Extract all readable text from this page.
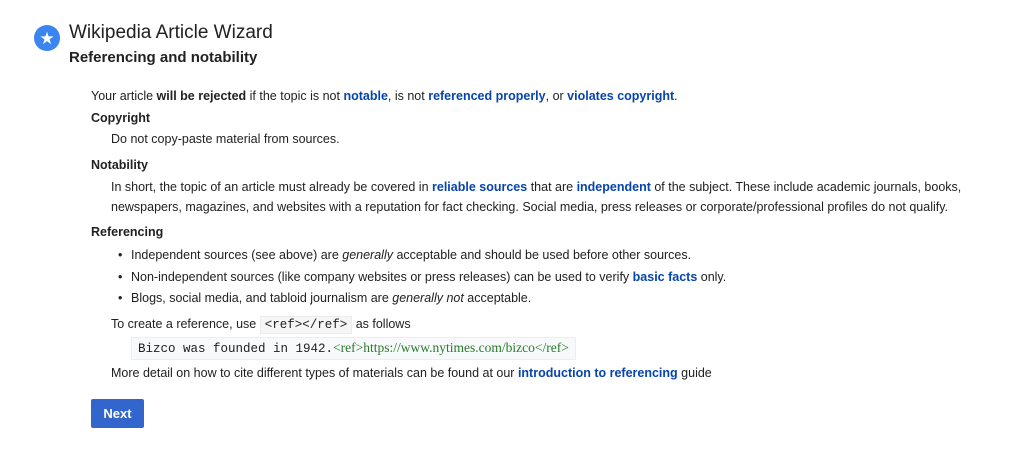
★ Wikipedia Article Wizard
Referencing and notability
Your article will be rejected if the topic is not notable, is not referenced properly, or violates copyright.
Copyright
Do not copy-paste material from sources.
Notability
In short, the topic of an article must already be covered in reliable sources that are independent of the subject. These include academic journals, books,
newspapers, magazines, and websites with a reputation for fact checking. Social media, press releases or corporate/professional profiles do not qualify.
Referencing
• Independent sources (see above) are generally acceptable and should be used before other sources.
• Non-independent sources (like company websites or press releases) can be used to verify basic facts only.
• Blogs, social media, and tabloid journalism are generally not acceptable.
To create a reference, use <ref></ref> as follows
Bizco was founded in 1942.<ref>https://www.nytimes.com/bizco</ref>
More detail on how to cite different types of materials can be found at our introduction to referencing guide
Next
